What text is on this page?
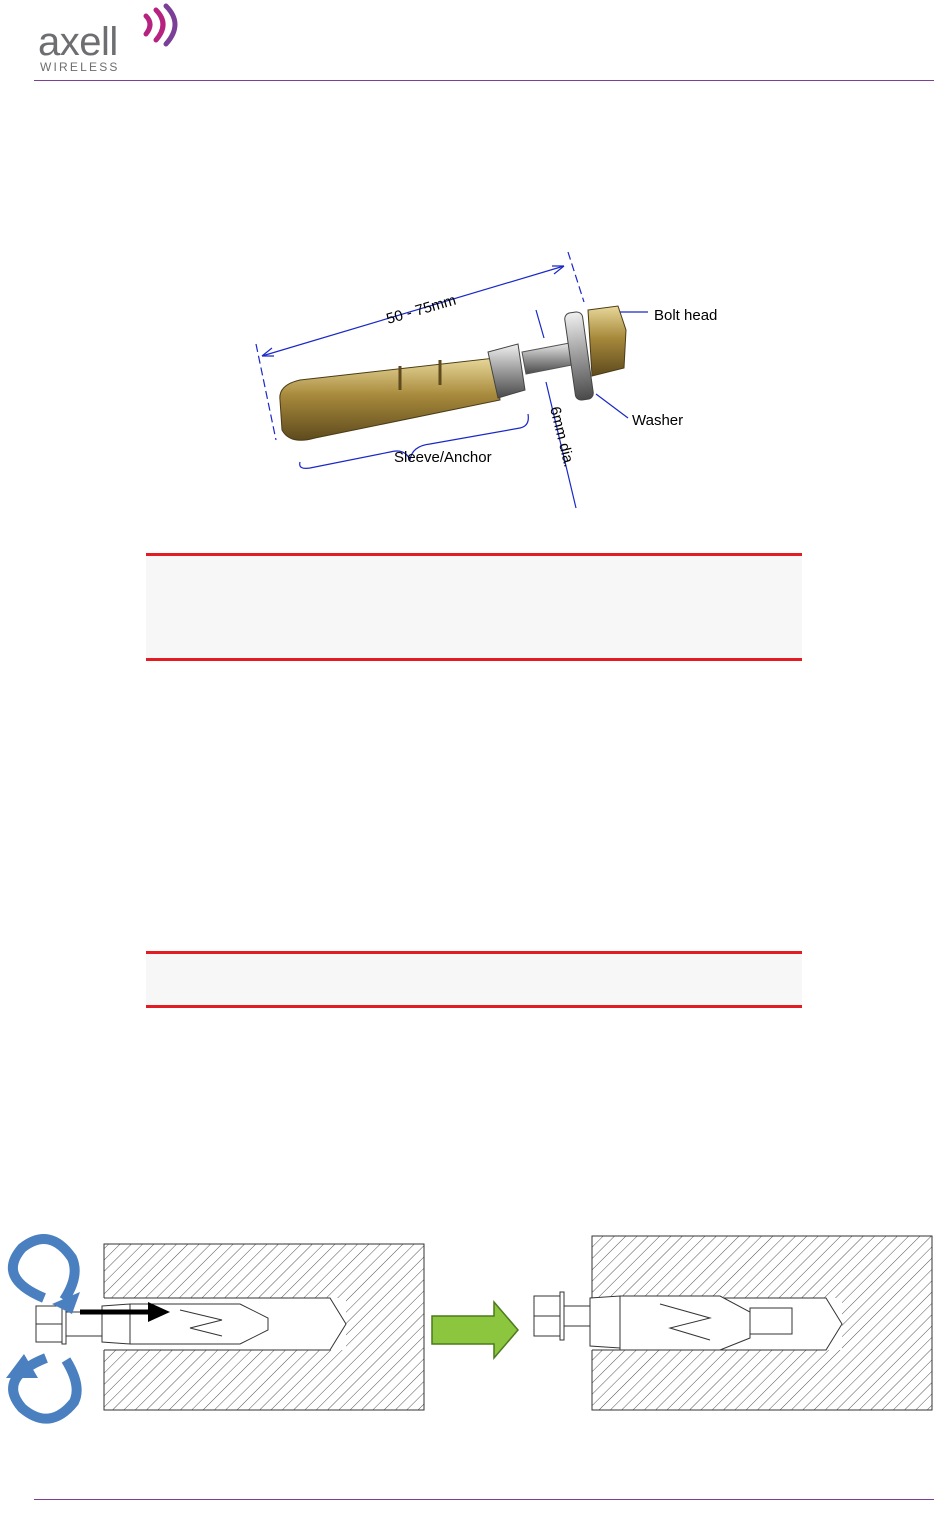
axell
WIRELESS
50 - 75mm	Bolt head
Washer
Sleeve/Anchor	6mm dia.
